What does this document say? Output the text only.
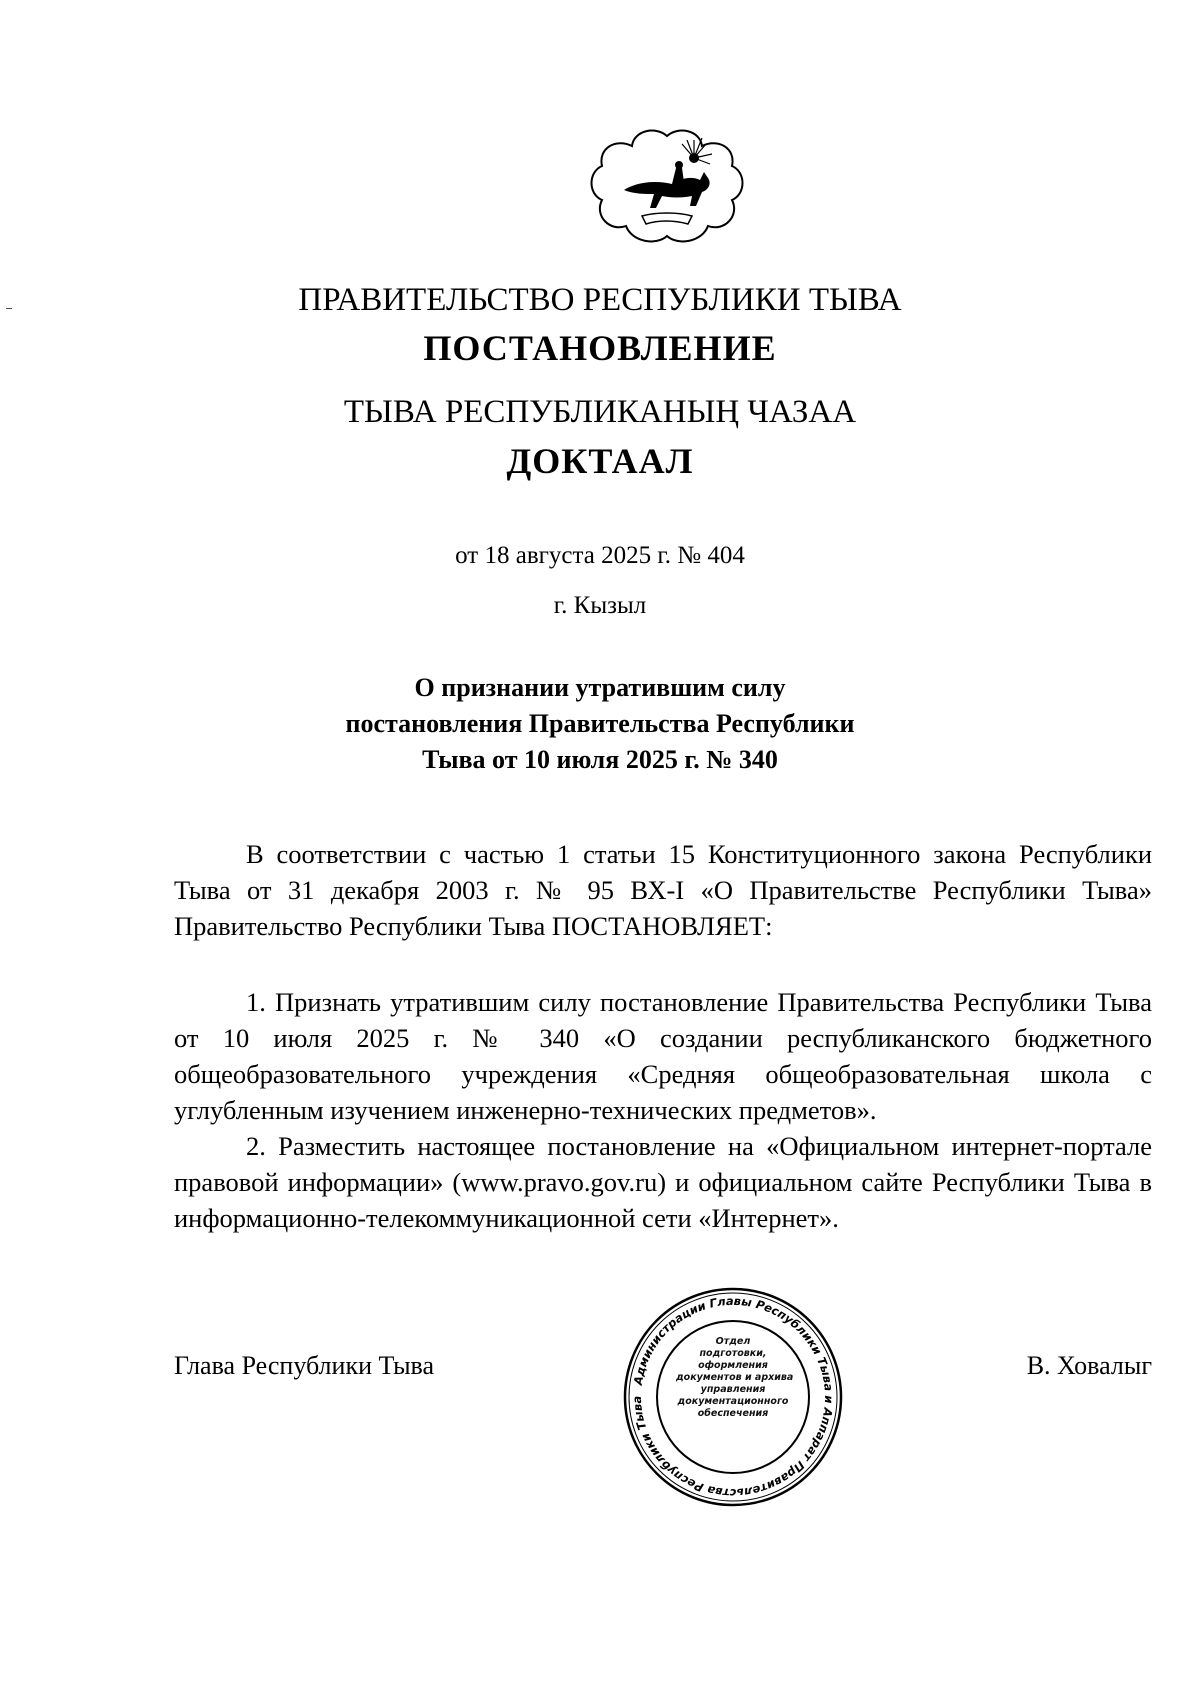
ПРАВИТЕЛЬСТВО РЕСПУБЛИКИ ТЫВА
ПОСТАНОВЛЕНИЕ
ТЫВА РЕСПУБЛИКАНЫҢ ЧАЗАА
ДОКТААЛ
от 18 августа 2025 г. № 404
г. Кызыл
О признании утратившим силу
постановления Правительства Республики
Тыва от 10 июля 2025 г. № 340

В соответствии с частью 1 статьи 15 Конституционного закона Республики Тыва от 31 декабря 2003 г. № 95 ВХ-I «О Правительстве Республики Тыва» Правительство Республики Тыва ПОСТАНОВЛЯЕТ:

1. Признать утратившим силу постановление Правительства Республики Тыва от 10 июля 2025 г. № 340 «О создании республиканского бюджетного общеобразовательного учреждения «Средняя общеобразовательная школа с углубленным изучением инженерно-технических предметов».

2. Разместить настоящее постановление на «Официальном интернет-портале правовой информации» (www.pravo.gov.ru) и официальном сайте Республики Тыва в информационно-телекоммуникационной сети «Интернет».

Глава Республики Тыва	В. Ховалыг
Администрации Главы Республики Тыва и Аппарат Правительства Республики Тыва
Отдел
подготовки,
оформления
документов и архива
управления
документационного
обеспечения
